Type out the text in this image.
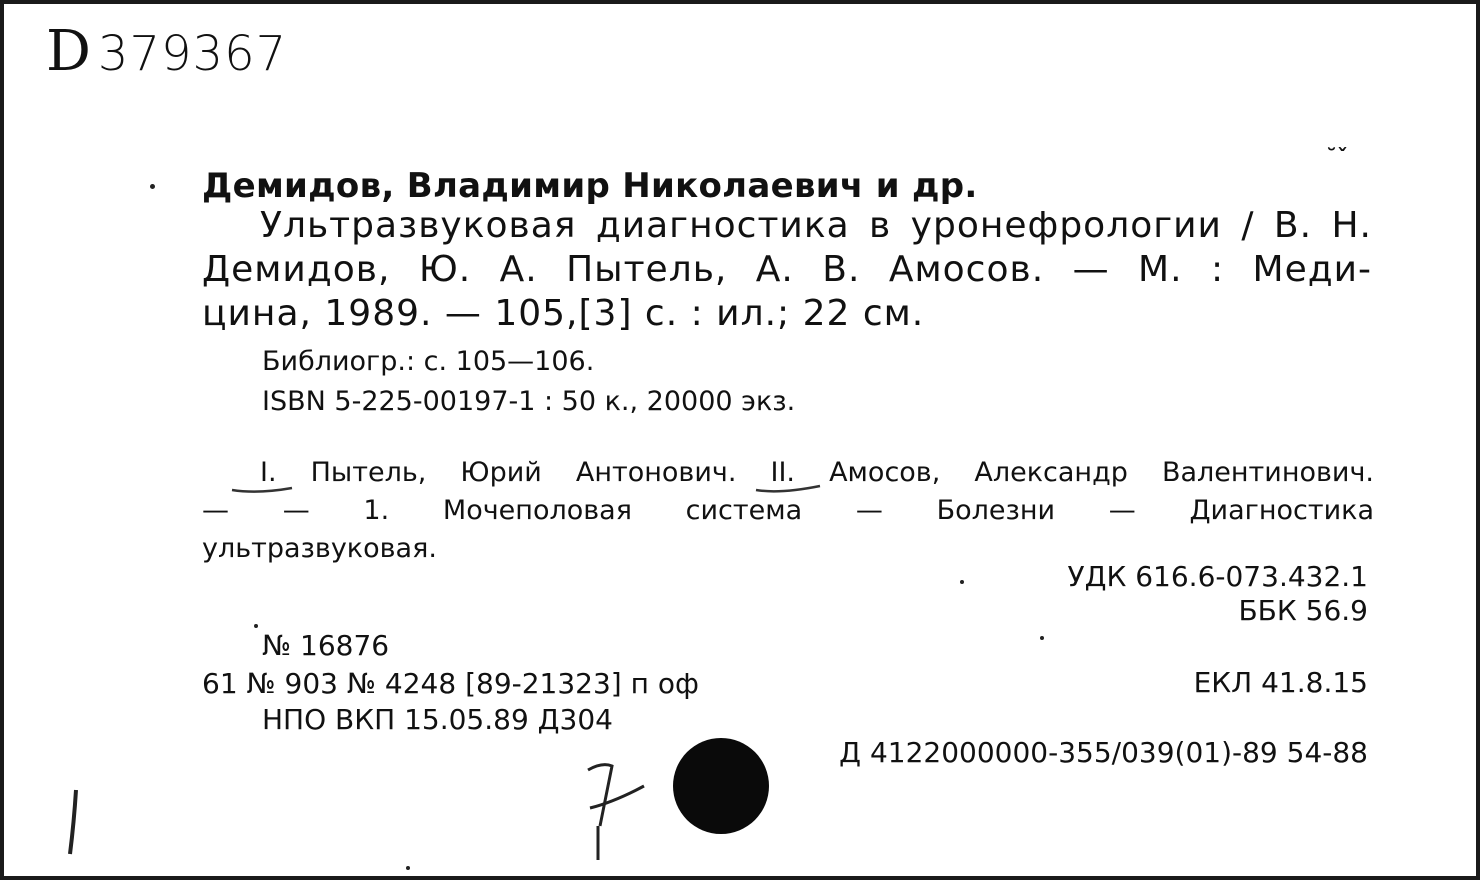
D 379367
˘ˇ
Демидов, Владимир Николаевич и др.
Ультразвуковая диагностика в уронефрологии / В. Н.
Демидов, Ю. А. Пытель, А. В. Амосов. — М. : Меди-
цина, 1989. — 105,[3] с. : ил.; 22 см.
Библиогр.: с. 105—106.
ISBN 5-225-00197-1 : 50 к., 20000 экз.
I. Пытель, Юрий Антонович. II. Амосов, Александр Валентинович.
— — 1. Мочеполовая система — Болезни — Диагностика
ультразвуковая.
УДК 616.6-073.432.1
ББК 56.9
ЕКЛ 41.8.15
Д 4122000000-355/039(01)-89 54-88
№ 16876
61 № 903 № 4248 [89-21323] п оф
НПО ВКП 15.05.89 Д304
